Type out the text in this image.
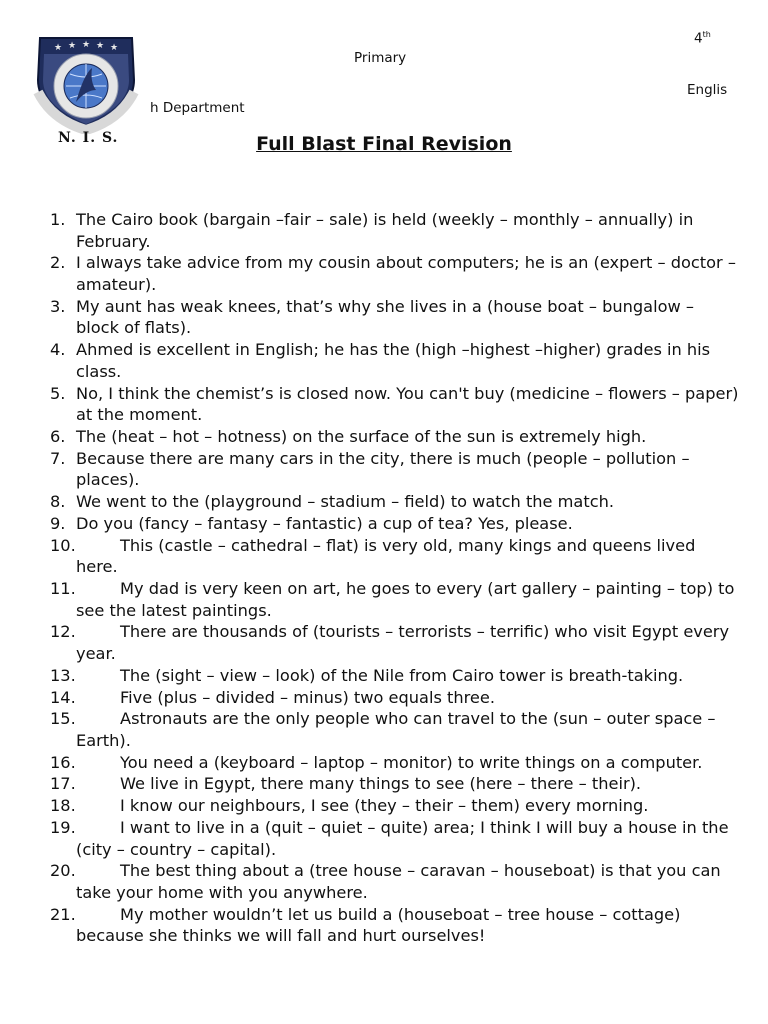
★ ★ ★ ★ ★
N. I. S.
4th
Primary
Englis
h Department
Full Blast Final Revision
1. The Cairo book (bargain –fair – sale) is held (weekly – monthly – annually) in February.
2. I always take advice from my cousin about computers; he is an (expert – doctor – amateur).
3. My aunt has weak knees, that’s why she lives in a (house boat – bungalow – block of flats).
4. Ahmed is excellent in English; he has the (high –highest –higher) grades in his class.
5. No, I think the chemist’s is closed now. You can't buy (medicine – flowers – paper) at the moment.
6. The (heat – hot – hotness) on the surface of the sun is extremely high.
7. Because there are many cars in the city, there is much (people – pollution – places).
8. We went to the (playground – stadium – field) to watch the match.
9. Do you (fancy – fantasy – fantastic) a cup of tea? Yes, please.
10.	This (castle – cathedral – flat) is very old, many kings and queens lived here.
11.	My dad is very keen on art, he goes to every (art gallery – painting – top) to see the latest paintings.
12.	There are thousands of (tourists – terrorists – terrific) who visit Egypt every year.
13.	The (sight – view – look) of the Nile from Cairo tower is breath-taking.
14.	Five (plus – divided – minus) two equals three.
15.	Astronauts are the only people who can travel to the (sun – outer space – Earth).
16.	You need a (keyboard – laptop – monitor) to write things on a computer.
17.	We live in Egypt, there many things to see (here – there – their).
18.	I know our neighbours, I see (they – their – them) every morning.
19.	I want to live in a (quit – quiet – quite) area; I think I will buy a house in the (city – country – capital).
20.	The best thing about a (tree house – caravan – houseboat) is that you can take your home with you anywhere.
21.	My mother wouldn’t let us build a (houseboat – tree house – cottage) because she thinks we will fall and hurt ourselves!
